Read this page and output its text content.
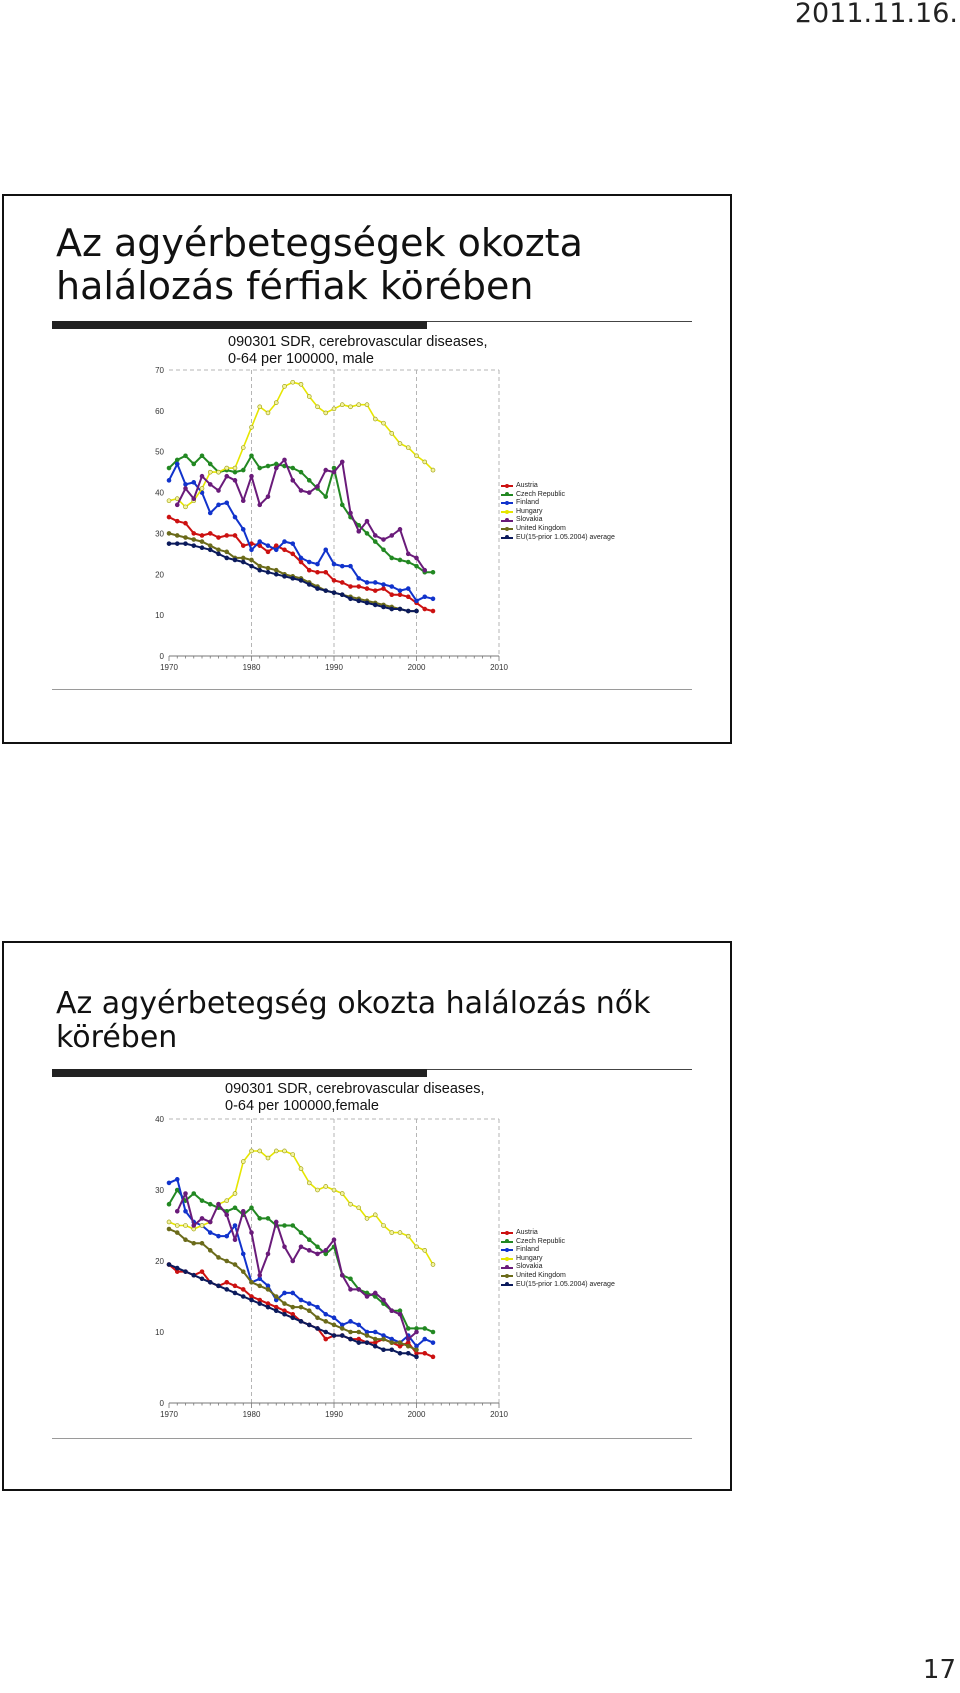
2011.11.16.
Az agyérbetegségek okozta halálozás férfiak körében
090301 SDR, cerebrovascular diseases, 0-64 per 100000, male
1970	1980	1990	2000	2010
0
10
20
30
40
50
60
70
Austria
Czech Republic
Finland
Hungary
Slovakia
United Kingdom
EU(15-prior 1.05.2004) average
Az agyérbetegség okozta halálozás nők körében
090301 SDR, cerebrovascular diseases, 0-64 per 100000,female
1970	1980	1990	2000	2010
0
10
20
30
40
Austria
Czech Republic
Finland
Hungary
Slovakia
United Kingdom
EU(15-prior 1.05.2004) average
17
